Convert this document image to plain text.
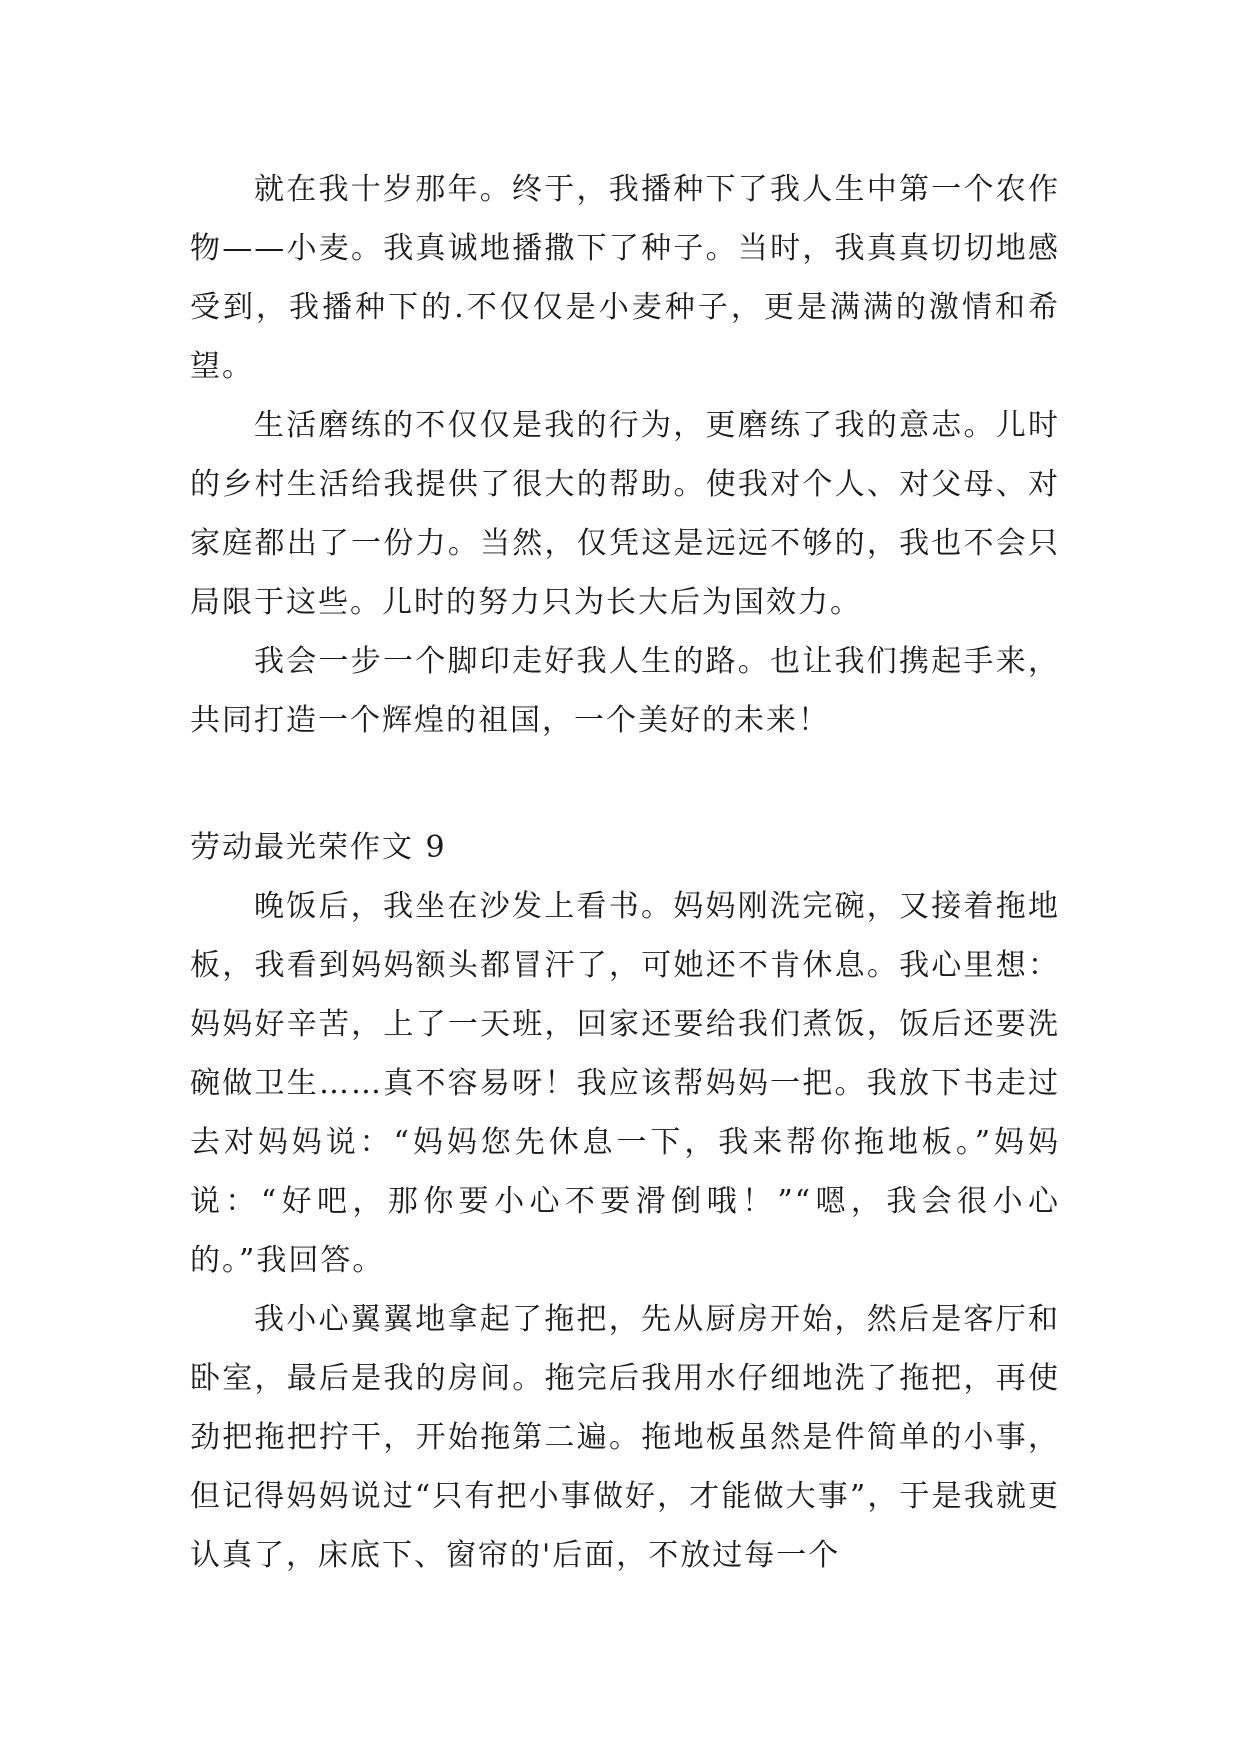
就在我十岁那年。终于，我播种下了我人生中第一个农作物——小麦。我真诚地播撒下了种子。当时，我真真切切地感受到，我播种下的.不仅仅是小麦种子，更是满满的激情和希望。

生活磨练的不仅仅是我的行为，更磨练了我的意志。儿时的乡村生活给我提供了很大的帮助。使我对个人、对父母、对家庭都出了一份力。当然，仅凭这是远远不够的，我也不会只局限于这些。儿时的努力只为长大后为国效力。

我会一步一个脚印走好我人生的路。也让我们携起手来，共同打造一个辉煌的祖国，一个美好的未来！

劳动最光荣作文 9

晚饭后，我坐在沙发上看书。妈妈刚洗完碗，又接着拖地板，我看到妈妈额头都冒汗了，可她还不肯休息。我心里想：妈妈好辛苦，上了一天班，回家还要给我们煮饭，饭后还要洗碗做卫生……真不容易呀！我应该帮妈妈一把。我放下书走过去对妈妈说：“妈妈您先休息一下，我来帮你拖地板。”妈妈说：“好吧，那你要小心不要滑倒哦！”“嗯，我会很小心的。”我回答。

我小心翼翼地拿起了拖把，先从厨房开始，然后是客厅和卧室，最后是我的房间。拖完后我用水仔细地洗了拖把，再使劲把拖把拧干，开始拖第二遍。拖地板虽然是件简单的小事，但记得妈妈说过“只有把小事做好，才能做大事”，于是我就更认真了，床底下、窗帘的'后面，不放过每一个
